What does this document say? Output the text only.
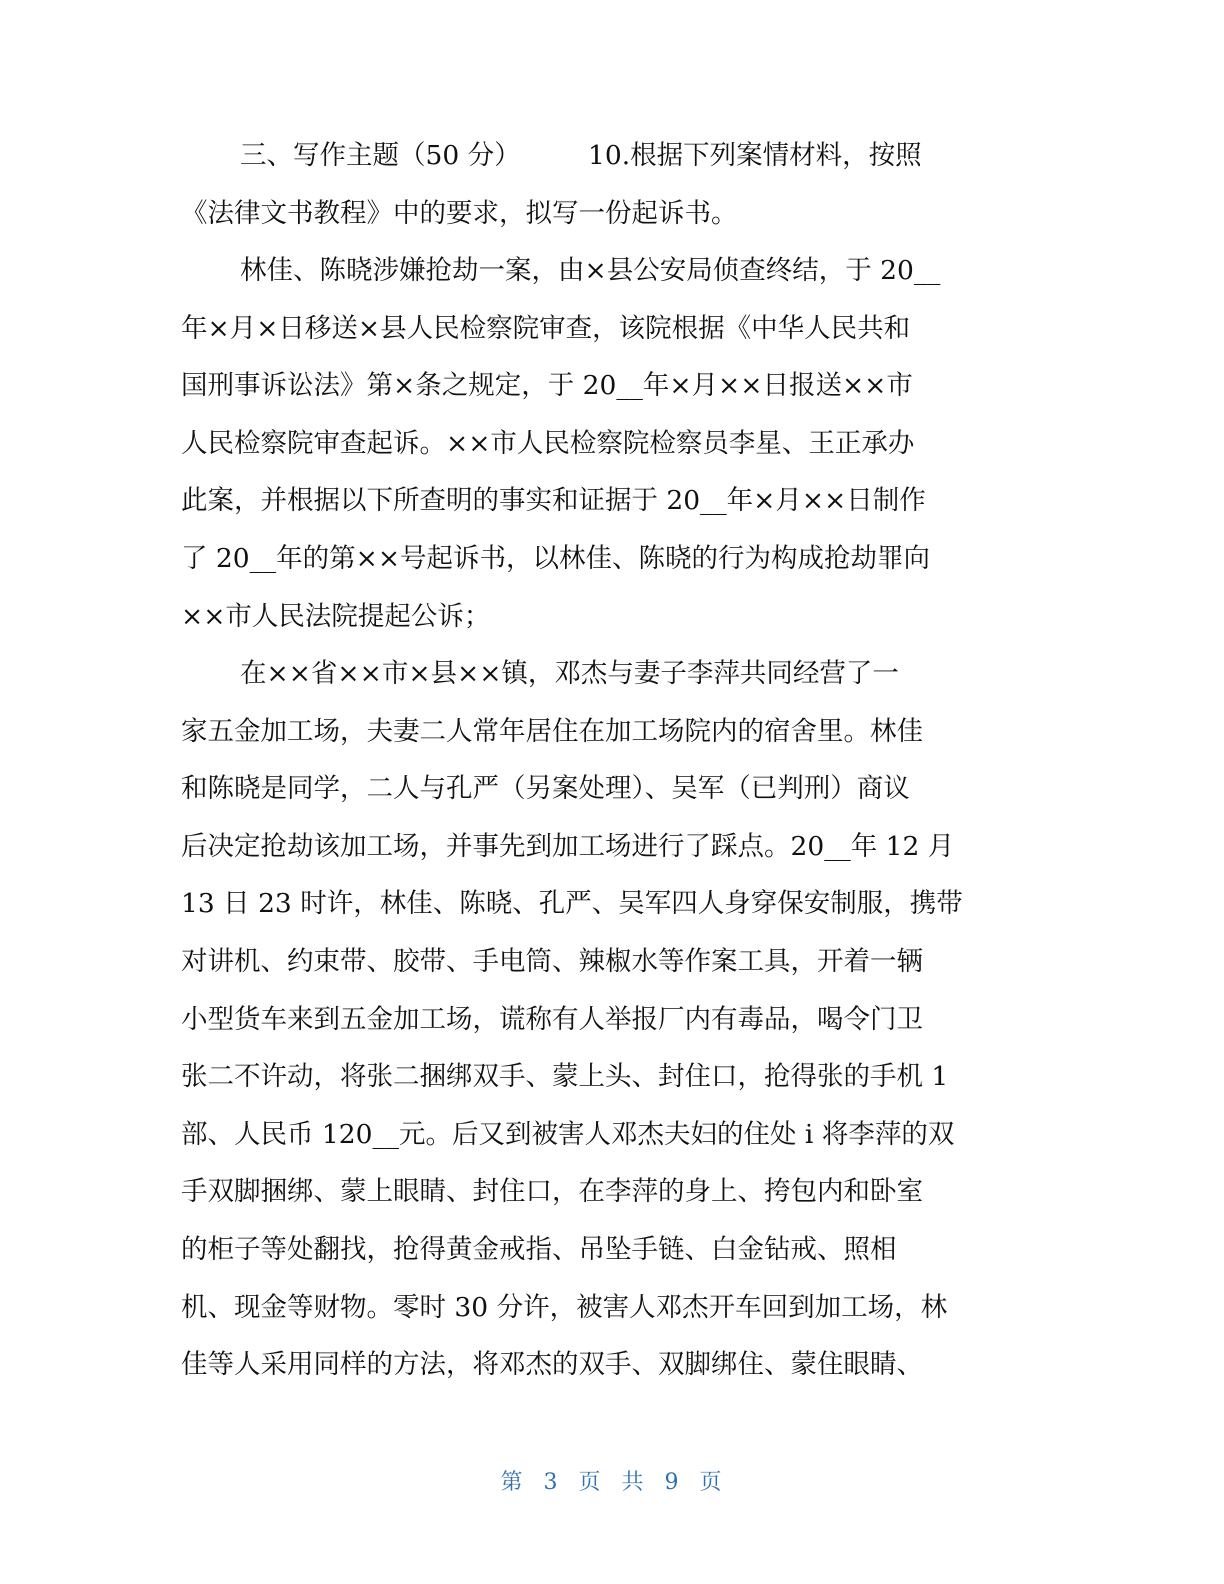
三、写作主题（50 分）        10.根据下列案情材料，按照
《法律文书教程》中的要求，拟写一份起诉书。
林佳、陈晓涉嫌抢劫一案，由×县公安局侦查终结，于 20__
年×月×日移送×县人民检察院审查，该院根据《中华人民共和
国刑事诉讼法》第×条之规定，于 20__年×月××日报送××市
人民检察院审查起诉。××市人民检察院检察员李星、王正承办
此案，并根据以下所查明的事实和证据于 20__年×月××日制作
了 20__年的第××号起诉书，以林佳、陈晓的行为构成抢劫罪向
××市人民法院提起公诉；
在××省××市×县××镇，邓杰与妻子李萍共同经营了一
家五金加工场，夫妻二人常年居住在加工场院内的宿舍里。林佳
和陈晓是同学，二人与孔严（另案处理）、吴军（已判刑）商议
后决定抢劫该加工场，并事先到加工场进行了踩点。20__年 12 月
13 日 23 时许，林佳、陈晓、孔严、吴军四人身穿保安制服，携带
对讲机、约束带、胶带、手电筒、辣椒水等作案工具，开着一辆
小型货车来到五金加工场，谎称有人举报厂内有毒品，喝令门卫
张二不许动，将张二捆绑双手、蒙上头、封住口，抢得张的手机 1
部、人民币 120__元。后又到被害人邓杰夫妇的住处 i 将李萍的双
手双脚捆绑、蒙上眼睛、封住口，在李萍的身上、挎包内和卧室
的柜子等处翻找，抢得黄金戒指、吊坠手链、白金钻戒、照相
机、现金等财物。零时 30 分许，被害人邓杰开车回到加工场，林
佳等人采用同样的方法，将邓杰的双手、双脚绑住、蒙住眼睛、
第 3 页 共 9 页
